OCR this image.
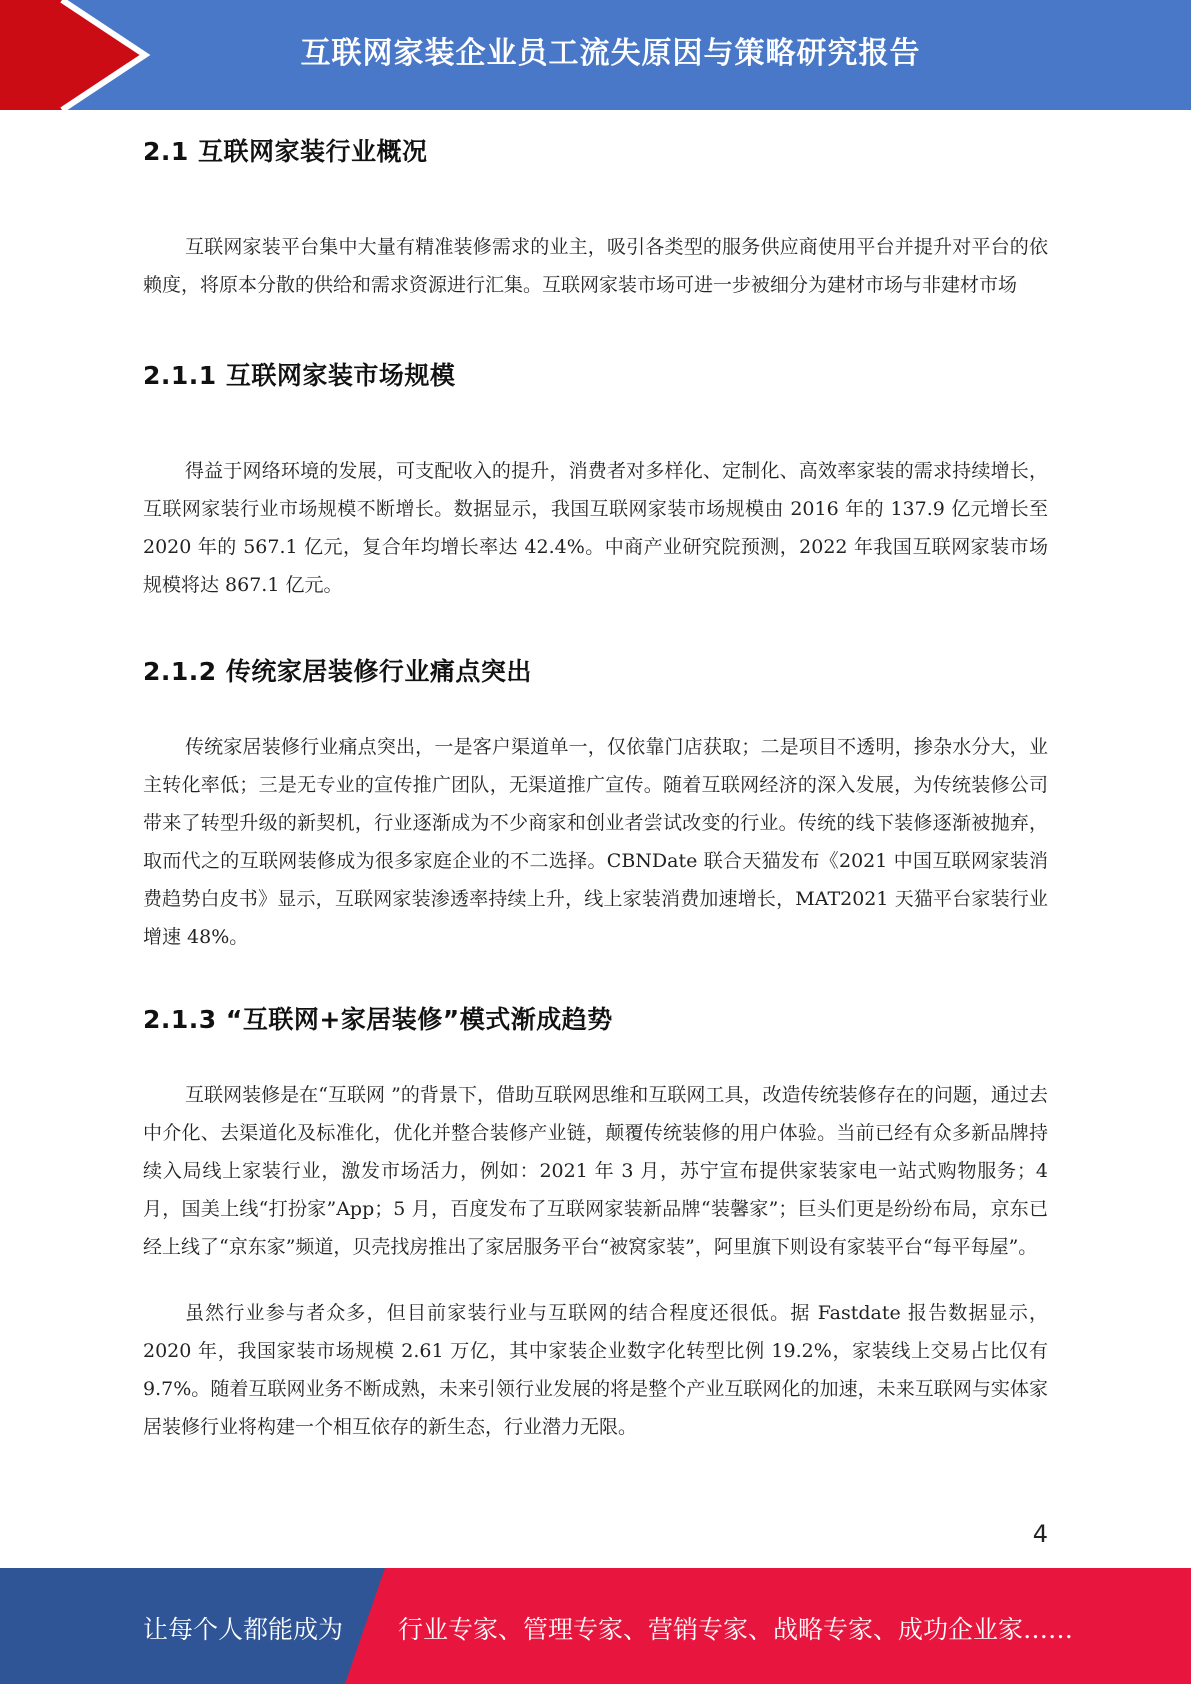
互联网家装企业员工流失原因与策略研究报告
2.1 互联网家装行业概况

互联网家装平台集中大量有精准装修需求的业主，吸引各类型的服务供应商使用平台并提升对平台的依赖度，将原本分散的供给和需求资源进行汇集。互联网家装市场可进一步被细分为建材市场与非建材市场

2.1.1 互联网家装市场规模

得益于网络环境的发展，可支配收入的提升，消费者对多样化、定制化、高效率家装的需求持续增长，互联网家装行业市场规模不断增长。数据显示，我国互联网家装市场规模由 2016 年的 137.9 亿元增长至 2020 年的 567.1 亿元，复合年均增长率达 42.4%。中商产业研究院预测，2022 年我国互联网家装市场规模将达 867.1 亿元。

2.1.2 传统家居装修行业痛点突出

传统家居装修行业痛点突出，一是客户渠道单一，仅依靠门店获取；二是项目不透明，掺杂水分大，业主转化率低；三是无专业的宣传推广团队，无渠道推广宣传。随着互联网经济的深入发展，为传统装修公司带来了转型升级的新契机，行业逐渐成为不少商家和创业者尝试改变的行业。传统的线下装修逐渐被抛弃，取而代之的互联网装修成为很多家庭企业的不二选择。CBNDate 联合天猫发布《2021 中国互联网家装消费趋势白皮书》显示，互联网家装渗透率持续上升，线上家装消费加速增长，MAT2021 天猫平台家装行业增速 48%。

2.1.3 “互联网+家居装修”模式渐成趋势

互联网装修是在“互联网 ”的背景下，借助互联网思维和互联网工具，改造传统装修存在的问题，通过去中介化、去渠道化及标准化，优化并整合装修产业链，颠覆传统装修的用户体验。当前已经有众多新品牌持续入局线上家装行业，激发市场活力，例如：2021 年 3 月，苏宁宣布提供家装家电一站式购物服务；4 月，国美上线“打扮家”App；5 月，百度发布了互联网家装新品牌“装馨家”；巨头们更是纷纷布局，京东已经上线了“京东家”频道，贝壳找房推出了家居服务平台“被窝家装”，阿里旗下则设有家装平台“每平每屋”。

虽然行业参与者众多，但目前家装行业与互联网的结合程度还很低。据 Fastdate 报告数据显示，2020 年，我国家装市场规模 2.61 万亿，其中家装企业数字化转型比例 19.2%，家装线上交易占比仅有 9.7%。随着互联网业务不断成熟，未来引领行业发展的将是整个产业互联网化的加速，未来互联网与实体家居装修行业将构建一个相互依存的新生态，行业潜力无限。

4
让每个人都能成为 行业专家、管理专家、营销专家、战略专家、成功企业家……
